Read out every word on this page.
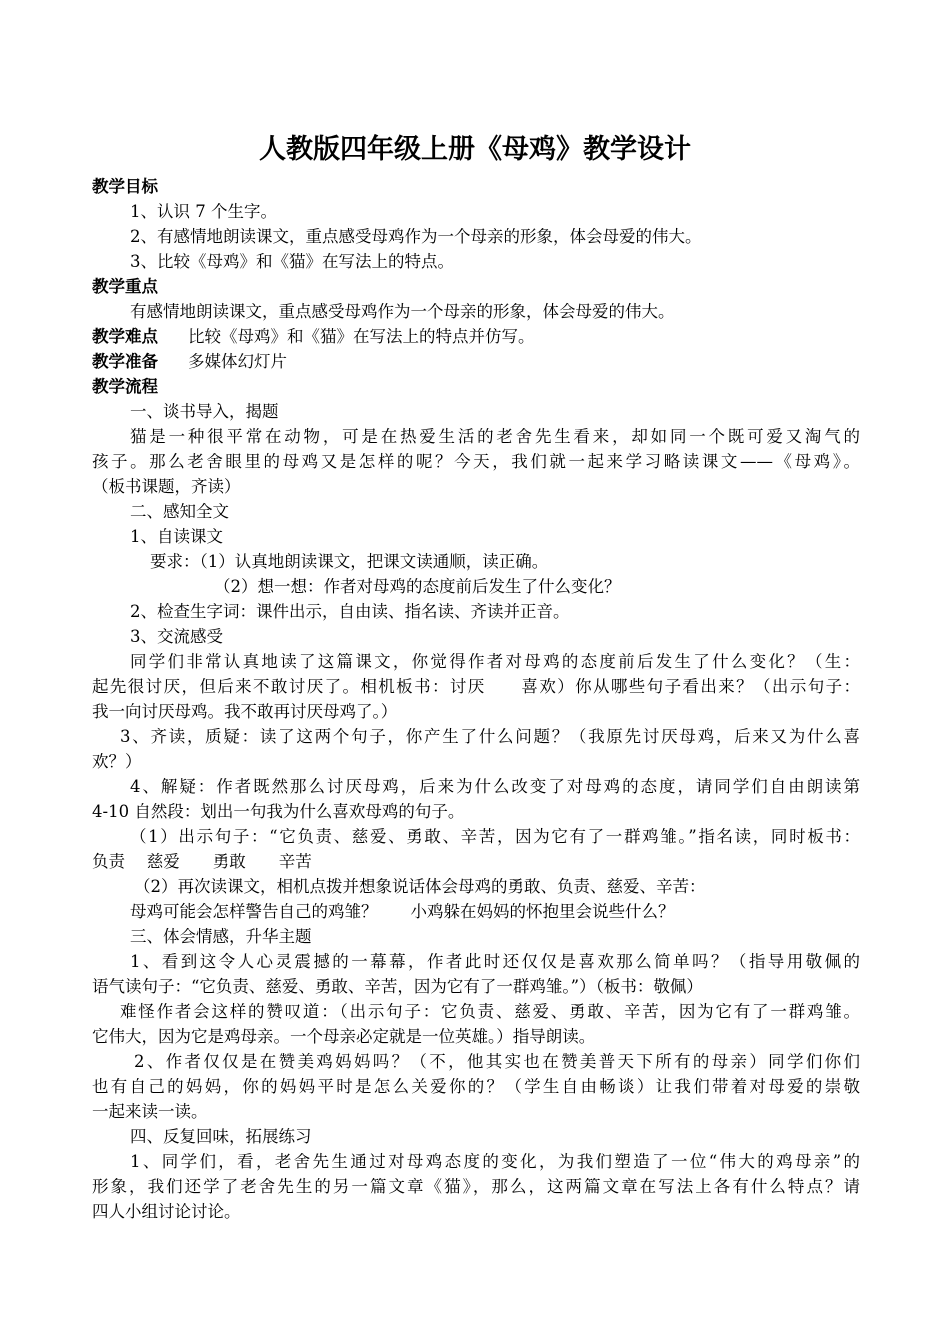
人教版四年级上册《母鸡》教学设计
教学目标
1、认识 7 个生字。
2、有感情地朗读课文，重点感受母鸡作为一个母亲的形象，体会母爱的伟大。
3、比较《母鸡》和《猫》在写法上的特点。
教学重点
有感情地朗读课文，重点感受母鸡作为一个母亲的形象，体会母爱的伟大。
教学难点 比较《母鸡》和《猫》在写法上的特点并仿写。
教学准备 多媒体幻灯片
教学流程
一、谈书导入，揭题
猫是一种很平常在动物，可是在热爱生活的老舍先生看来，却如同一个既可爱又淘气的
孩子。那么老舍眼里的母鸡又是怎样的呢？今天，我们就一起来学习略读课文——《母鸡》。
（板书课题，齐读）
二、感知全文
1、自读课文
要求：（1）认真地朗读课文，把课文读通顺，读正确。
（2）想一想：作者对母鸡的态度前后发生了什么变化？
2、检查生字词：课件出示，自由读、指名读、齐读并正音。
3、交流感受
同学们非常认真地读了这篇课文，你觉得作者对母鸡的态度前后发生了什么变化？（生：
起先很讨厌，但后来不敢讨厌了。相机板书：讨厌　　喜欢）你从哪些句子看出来？（出示句子：
我一向讨厌母鸡。我不敢再讨厌母鸡了。）
3、齐读，质疑：读了这两个句子，你产生了什么问题？（我原先讨厌母鸡，后来又为什么喜
欢？）
4、解疑：作者既然那么讨厌母鸡，后来为什么改变了对母鸡的态度，请同学们自由朗读第
4-10 自然段：划出一句我为什么喜欢母鸡的句子。
（1）出示句子：“它负责、慈爱、勇敢、辛苦，因为它有了一群鸡雏。”指名读，同时板书：
负责　 慈爱　　勇敢　　辛苦
（2）再次读课文，相机点拨并想象说话体会母鸡的勇敢、负责、慈爱、辛苦：
母鸡可能会怎样警告自己的鸡雏？　　小鸡躲在妈妈的怀抱里会说些什么？
三、体会情感，升华主题
1、看到这令人心灵震撼的一幕幕，作者此时还仅仅是喜欢那么简单吗？（指导用敬佩的
语气读句子：“它负责、慈爱、勇敢、辛苦，因为它有了一群鸡雏。”）（板书：敬佩）
难怪作者会这样的赞叹道：（出示句子：它负责、慈爱、勇敢、辛苦，因为它有了一群鸡雏。
它伟大，因为它是鸡母亲。一个母亲必定就是一位英雄。）指导朗读。
2、作者仅仅是在赞美鸡妈妈吗？（不，他其实也在赞美普天下所有的母亲）同学们你们
也有自己的妈妈，你的妈妈平时是怎么关爱你的？（学生自由畅谈）让我们带着对母爱的崇敬
一起来读一读。
四、反复回味，拓展练习
1、同学们，看，老舍先生通过对母鸡态度的变化，为我们塑造了一位“伟大的鸡母亲”的
形象，我们还学了老舍先生的另一篇文章《猫》，那么，这两篇文章在写法上各有什么特点？请
四人小组讨论讨论。
